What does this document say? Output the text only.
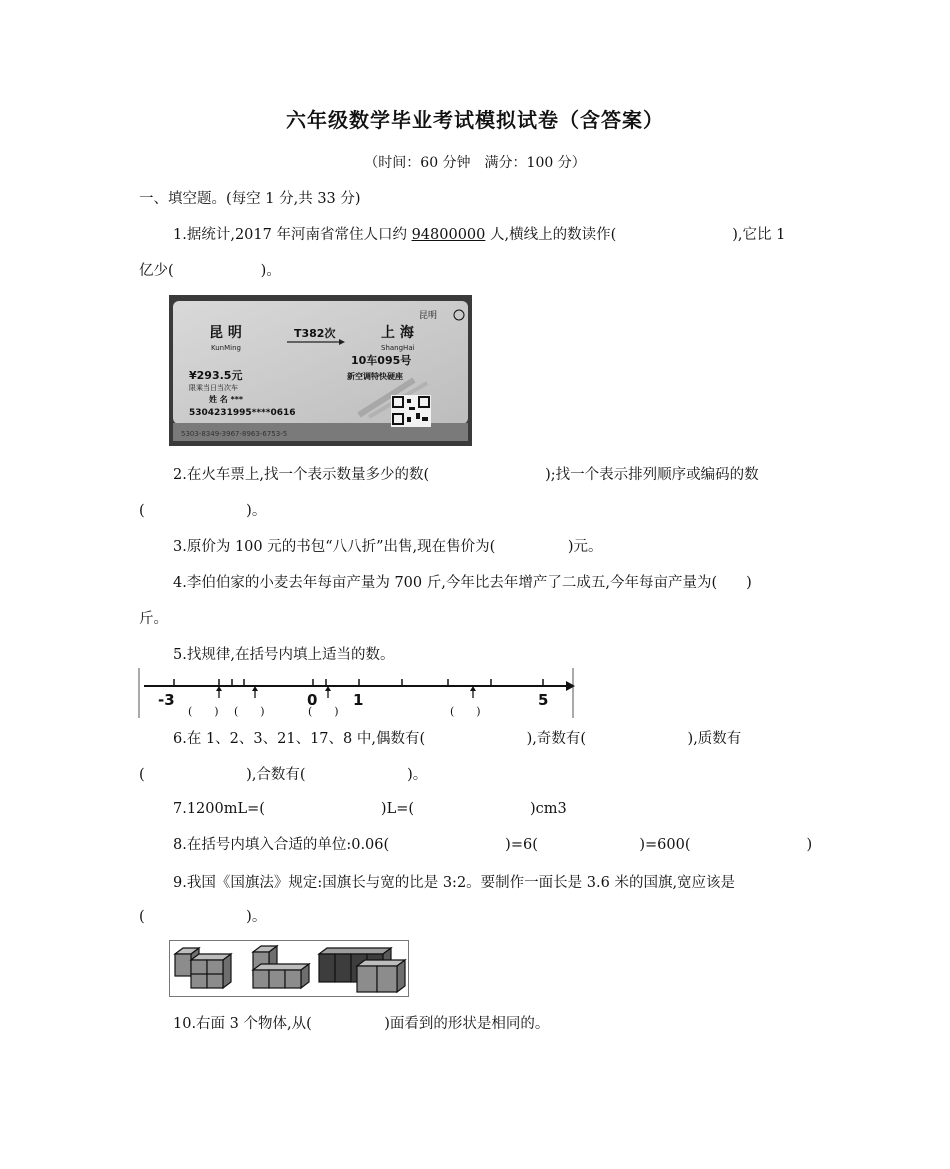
六年级数学毕业考试模拟试卷（含答案）
（时间：60 分钟　满分：100 分）
一、填空题。(每空 1 分,共 33 分)
1.据统计,2017 年河南省常住人口约 94800000 人,横线上的数读作(　　　　　　　　),它比 1
亿少(　　　　　　)。
昆 明
KunMing
T382次
昆明
上 海
ShangHai
10车095号
新空调特快硬座
¥293.5元
限乘当日当次车
姓 名 ***
5304231995****0616
5303-8349-3967-8963-6753-5
2.在火车票上,找一个表示数量多少的数(　　　　　　　　);找一个表示排列顺序或编码的数
(　　　　　　　)。
3.原价为 100 元的书包“八八折”出售,现在售价为(　　　　　)元。
4.李伯伯家的小麦去年每亩产量为 700 斤,今年比去年增产了二成五,今年每亩产量为(　　)
斤。
5.找规律,在括号内填上适当的数。
-3	0 1	5
(　　) (　　)	(　　)	(　　)
6.在 1、2、3、21、17、8 中,偶数有(　　　　　　　),奇数有(　　　　　　　),质数有
(　　　　　　　),合数有(　　　　　　　)。
7.1200mL=(　　　　　　　　)L=(　　　　　　　　)cm3
8.在括号内填入合适的单位:0.06(　　　　　　　　)=6(　　　　　　　)=600(　　　　　　　　)
9.我国《国旗法》规定:国旗长与宽的比是 3:2。要制作一面长是 3.6 米的国旗,宽应该是
(　　　　　　　)。
10.右面 3 个物体,从(　　　　　)面看到的形状是相同的。
